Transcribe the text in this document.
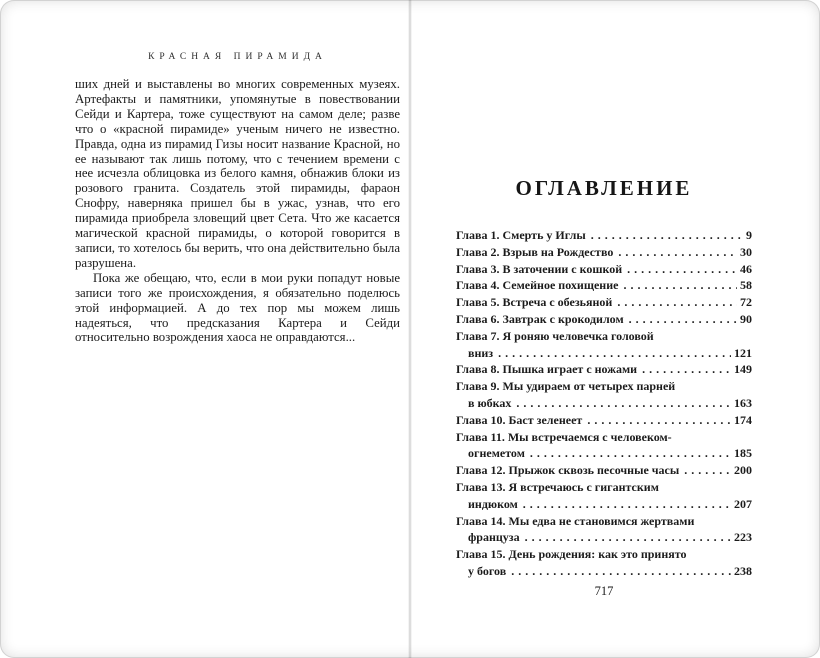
КРАСНАЯ ПИРАМИДА

ших дней и выставлены во многих современных музеях. Артефакты и памятники, упомянутые в повествовании Сейди и Картера, тоже существуют на самом деле; разве что о «красной пирамиде» ученым ничего не известно. Правда, одна из пирамид Гизы носит название Красной, но ее называют так лишь потому, что с течением времени с нее исчезла облицовка из белого камня, обнажив блоки из розового гранита. Создатель этой пирамиды, фараон Снофру, наверняка пришел бы в ужас, узнав, что его пирамида приобрела зловещий цвет Сета. Что же касается магической красной пирамиды, о которой говорится в записи, то хотелось бы верить, что она действительно была разрушена.

Пока же обещаю, что, если в мои руки попадут новые записи того же происхождения, я обязательно поделюсь этой информацией. А до тех пор мы можем лишь надеяться, что предсказания Картера и Сейди относительно возрождения хаоса не оправдаются...

ОГЛАВЛЕНИЕ
Глава 1. Смерть у Иглы .....	9
Глава 2. Взрыв на Рождество .....	30
Глава 3. В заточении с кошкой .....	46
Глава 4. Семейное похищение .....	58
Глава 5. Встреча с обезьяной .....	72
Глава 6. Завтрак с крокодилом .....	90
Глава 7. Я роняю человечка головой
вниз .....	121
Глава 8. Пышка играет с ножами .....	149
Глава 9. Мы удираем от четырех парней
в юбках .....	163
Глава 10. Баст зеленеет .....	174
Глава 11. Мы встречаемся с человеком-
огнеметом .....	185
Глава 12. Прыжок сквозь песочные часы .....	200
Глава 13. Я встречаюсь с гигантским
индюком .....	207
Глава 14. Мы едва не становимся жертвами
француза .....	223
Глава 15. День рождения: как это принято
у богов .....	238
717
